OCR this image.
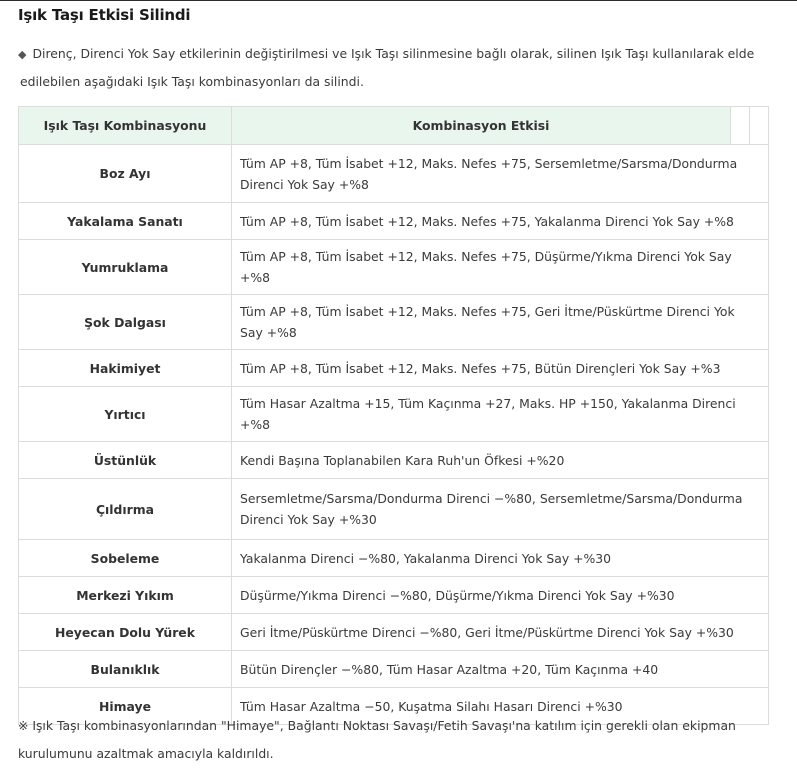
Işık Taşı Etkisi Silindi
◆ Direnç, Direnci Yok Say etkilerinin değiştirilmesi ve Işık Taşı silinmesine bağlı olarak, silinen Işık Taşı kullanılarak elde
edilebilen aşağıdaki Işık Taşı kombinasyonları da silindi.
Işık Taşı Kombinasyonu	Kombinasyon Etkisi		
Boz Ayı	Tüm AP +8, Tüm İsabet +12, Maks. Nefes +75, Sersemletme/Sarsma/Dondurma Direnci Yok Say +%8		
Yakalama Sanatı	Tüm AP +8, Tüm İsabet +12, Maks. Nefes +75, Yakalanma Direnci Yok Say +%8		
Yumruklama	Tüm AP +8, Tüm İsabet +12, Maks. Nefes +75, Düşürme/Yıkma Direnci Yok Say +%8		
Şok Dalgası	Tüm AP +8, Tüm İsabet +12, Maks. Nefes +75, Geri İtme/Püskürtme Direnci Yok Say +%8		
Hakimiyet	Tüm AP +8, Tüm İsabet +12, Maks. Nefes +75, Bütün Dirençleri Yok Say +%3		
Yırtıcı	Tüm Hasar Azaltma +15, Tüm Kaçınma +27, Maks. HP +150, Yakalanma Direnci +%8		
Üstünlük	Kendi Başına Toplanabilen Kara Ruh'un Öfkesi +%20		
Çıldırma	Sersemletme/Sarsma/Dondurma Direnci −%80, Sersemletme/Sarsma/Dondurma Direnci Yok Say +%30		
Sobeleme	Yakalanma Direnci −%80, Yakalanma Direnci Yok Say +%30		
Merkezi Yıkım	Düşürme/Yıkma Direnci −%80, Düşürme/Yıkma Direnci Yok Say +%30		
Heyecan Dolu Yürek	Geri İtme/Püskürtme Direnci −%80, Geri İtme/Püskürtme Direnci Yok Say +%30		
Bulanıklık	Bütün Dirençler −%80, Tüm Hasar Azaltma +20, Tüm Kaçınma +40		
Himaye	Tüm Hasar Azaltma −50, Kuşatma Silahı Hasarı Direnci +%30		
※ Işık Taşı kombinasyonlarından "Himaye", Bağlantı Noktası Savaşı/Fetih Savaşı'na katılım için gerekli olan ekipman
kurulumunu azaltmak amacıyla kaldırıldı.
